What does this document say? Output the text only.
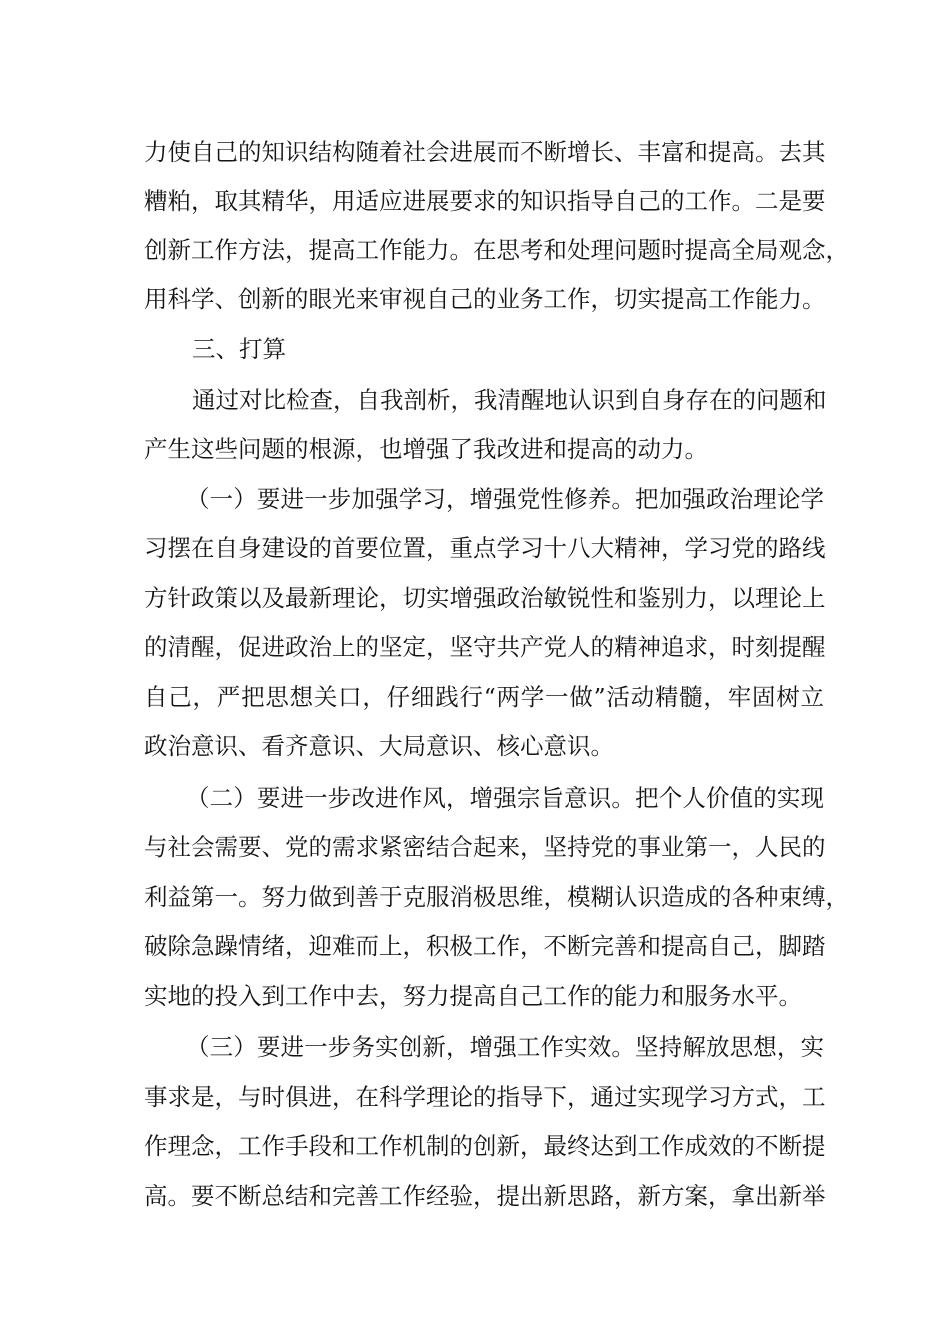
力使自己的知识结构随着社会进展而不断增长、丰富和提高。去其
糟粕，取其精华，用适应进展要求的知识指导自己的工作。二是要
创新工作方法，提高工作能力。在思考和处理问题时提高全局观念，
用科学、创新的眼光来审视自己的业务工作，切实提高工作能力。
三、打算
通过对比检查，自我剖析，我清醒地认识到自身存在的问题和
产生这些问题的根源，也增强了我改进和提高的动力。
（一）要进一步加强学习，增强党性修养。把加强政治理论学
习摆在自身建设的首要位置，重点学习十八大精神，学习党的路线
方针政策以及最新理论，切实增强政治敏锐性和鉴别力，以理论上
的清醒，促进政治上的坚定，坚守共产党人的精神追求，时刻提醒
自己，严把思想关口，仔细践行“两学一做”活动精髓，牢固树立
政治意识、看齐意识、大局意识、核心意识。
（二）要进一步改进作风，增强宗旨意识。把个人价值的实现
与社会需要、党的需求紧密结合起来，坚持党的事业第一，人民的
利益第一。努力做到善于克服消极思维，模糊认识造成的各种束缚，
破除急躁情绪，迎难而上，积极工作，不断完善和提高自己，脚踏
实地的投入到工作中去，努力提高自己工作的能力和服务水平。
（三）要进一步务实创新，增强工作实效。坚持解放思想，实
事求是，与时俱进，在科学理论的指导下，通过实现学习方式，工
作理念，工作手段和工作机制的创新，最终达到工作成效的不断提
高。要不断总结和完善工作经验，提出新思路，新方案，拿出新举
